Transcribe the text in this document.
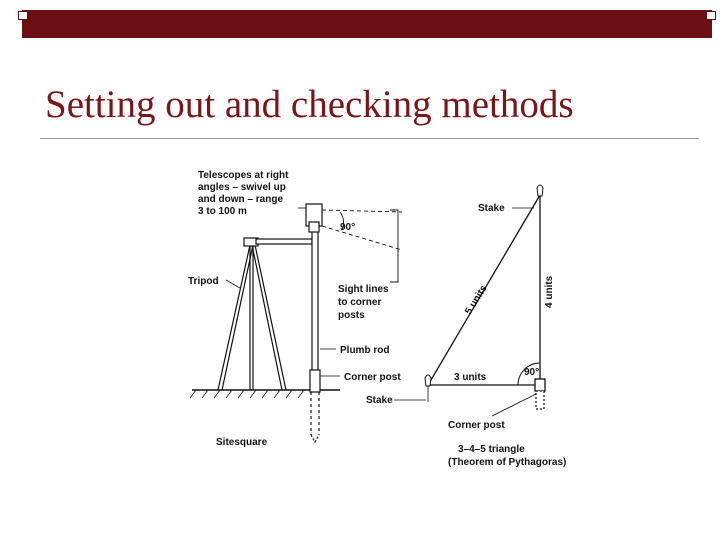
Setting out and checking methods
Telescopes at right
angles – swivel up
and down – range
3 to 100 m
90°
Tripod
Sight lines
to corner
posts
Plumb rod
Corner post
Sitesquare
Stake
5 units	4 units
3 units	90°
Stake
Corner post
3–4–5 triangle
(Theorem of Pythagoras)
